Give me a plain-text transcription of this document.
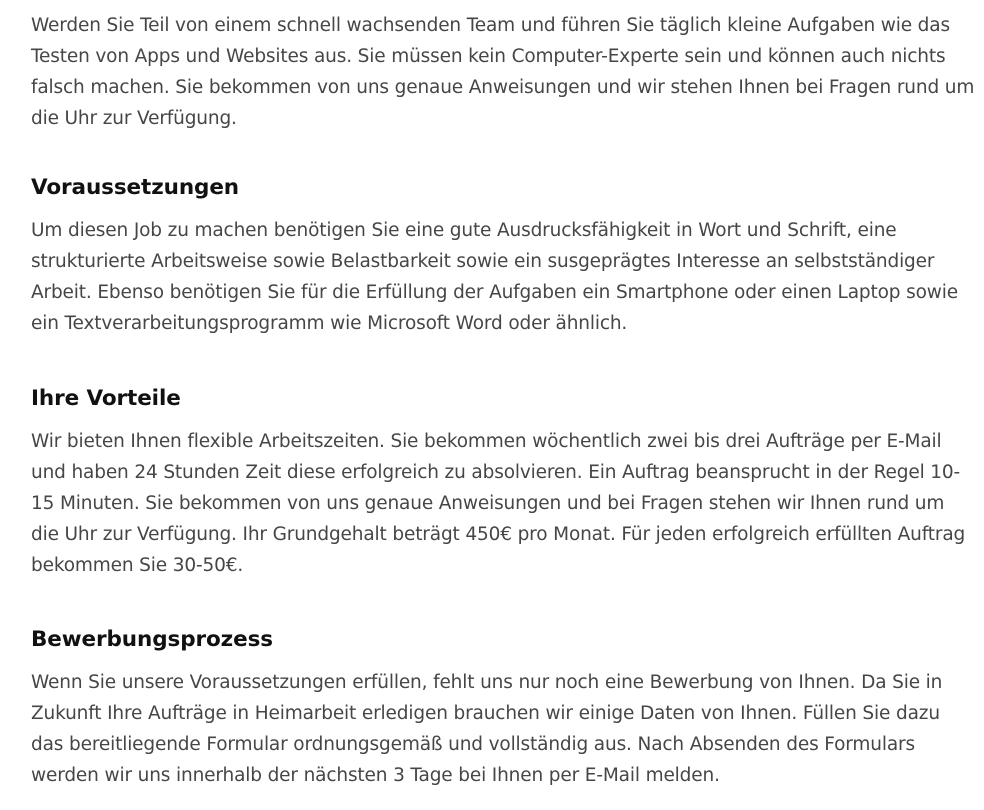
Werden Sie Teil von einem schnell wachsenden Team und führen Sie täglich kleine Aufgaben wie das Testen von Apps und Websites aus. Sie müssen kein Computer-Experte sein und können auch nichts falsch machen. Sie bekommen von uns genaue Anweisungen und wir stehen Ihnen bei Fragen rund um die Uhr zur Verfügung.

Voraussetzungen

Um diesen Job zu machen benötigen Sie eine gute Ausdrucksfähigkeit in Wort und Schrift, eine strukturierte Arbeitsweise sowie Belastbarkeit sowie ein susgeprägtes Interesse an selbstständiger Arbeit. Ebenso benötigen Sie für die Erfüllung der Aufgaben ein Smartphone oder einen Laptop sowie ein Textverarbeitungsprogramm wie Microsoft Word oder ähnlich.

Ihre Vorteile

Wir bieten Ihnen flexible Arbeitszeiten. Sie bekommen wöchentlich zwei bis drei Aufträge per E-Mail und haben 24 Stunden Zeit diese erfolgreich zu absolvieren. Ein Auftrag beansprucht in der Regel 10-15 Minuten. Sie bekommen von uns genaue Anweisungen und bei Fragen stehen wir Ihnen rund um die Uhr zur Verfügung. Ihr Grundgehalt beträgt 450€ pro Monat. Für jeden erfolgreich erfüllten Auftrag bekommen Sie 30-50€.

Bewerbungsprozess

Wenn Sie unsere Voraussetzungen erfüllen, fehlt uns nur noch eine Bewerbung von Ihnen. Da Sie in Zukunft Ihre Aufträge in Heimarbeit erledigen brauchen wir einige Daten von Ihnen. Füllen Sie dazu das bereitliegende Formular ordnungsgemäß und vollständig aus. Nach Absenden des Formulars werden wir uns innerhalb der nächsten 3 Tage bei Ihnen per E-Mail melden.
